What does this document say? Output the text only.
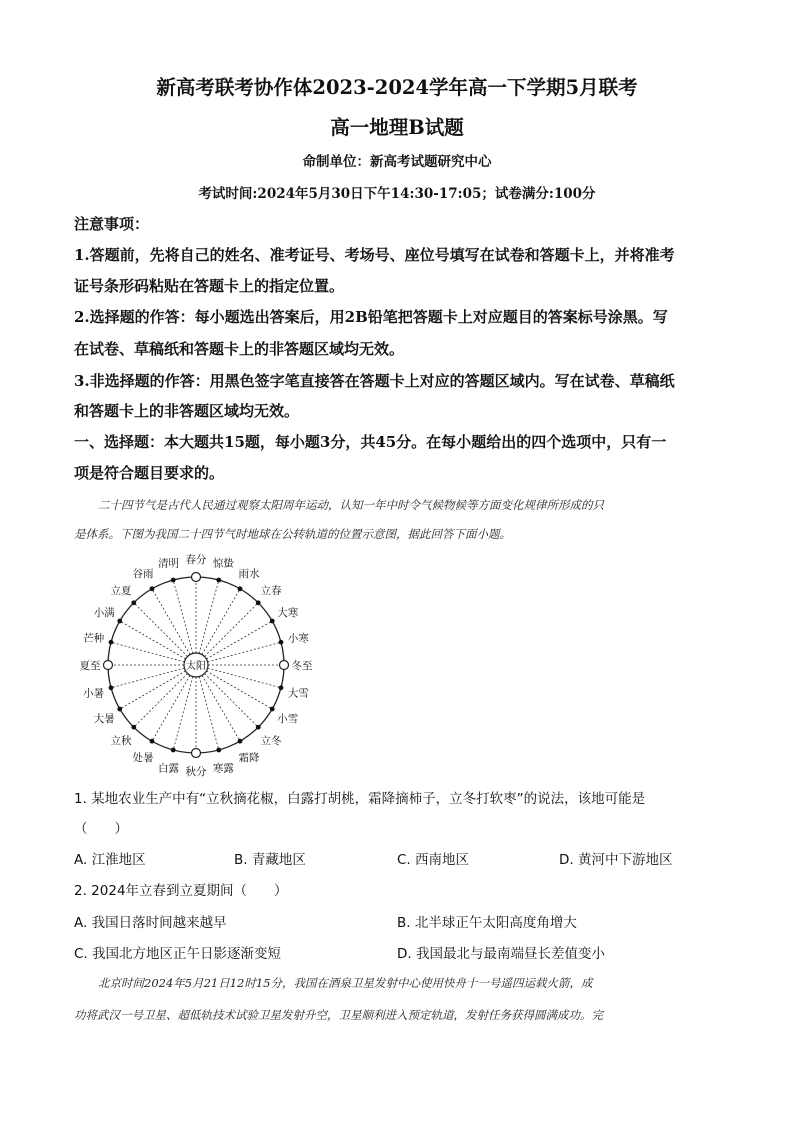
新高考联考协作体2023-2024学年高一下学期5月联考
高一地理B试题
命制单位：新高考试题研究中心
考试时间:2024年5月30日下午14:30-17:05；试卷满分:100分
注意事项：
1.答题前，先将自己的姓名、准考证号、考场号、座位号填写在试卷和答题卡上，并将准考
证号条形码粘贴在答题卡上的指定位置。
2.选择题的作答：每小题选出答案后，用2B铅笔把答题卡上对应题目的答案标号涂黑。写
在试卷、草稿纸和答题卡上的非答题区域均无效。
3.非选择题的作答：用黑色签字笔直接答在答题卡上对应的答题区域内。写在试卷、草稿纸
和答题卡上的非答题区域均无效。
一、选择题：本大题共15题，每小题3分，共45分。在每小题给出的四个选项中，只有一
项是符合题目要求的。
二十四节气是古代人民通过观察太阳周年运动，认知一年中时令气候物候等方面变化规律所形成的只
是体系。下图为我国二十四节气时地球在公转轨道的位置示意图，据此回答下面小题。
冬至
小寒
大寒
立春
雨水
惊蛰
春分
清明
谷雨
立夏
小满
芒种
夏至
小暑
大暑
立秋
处暑
白露 秋分 寒露
霜降
立冬
小雪
大雪
太阳
1. 某地农业生产中有“立秋摘花椒，白露打胡桃，霜降摘柿子，立冬打软枣”的说法，该地可能是
（　　）
A. 江淮地区	B. 青藏地区	C. 西南地区	D. 黄河中下游地区
2. 2024年立春到立夏期间（　　）
A. 我国日落时间越来越早	B. 北半球正午太阳高度角增大
C. 我国北方地区正午日影逐渐变短	D. 我国最北与最南端昼长差值变小
北京时间2024年5月21日12时15分，我国在酒泉卫星发射中心使用快舟十一号遥四运载火箭，成
功将武汉一号卫星、超低轨技术试验卫星发射升空，卫星顺利进入预定轨道，发射任务获得圆满成功。完
